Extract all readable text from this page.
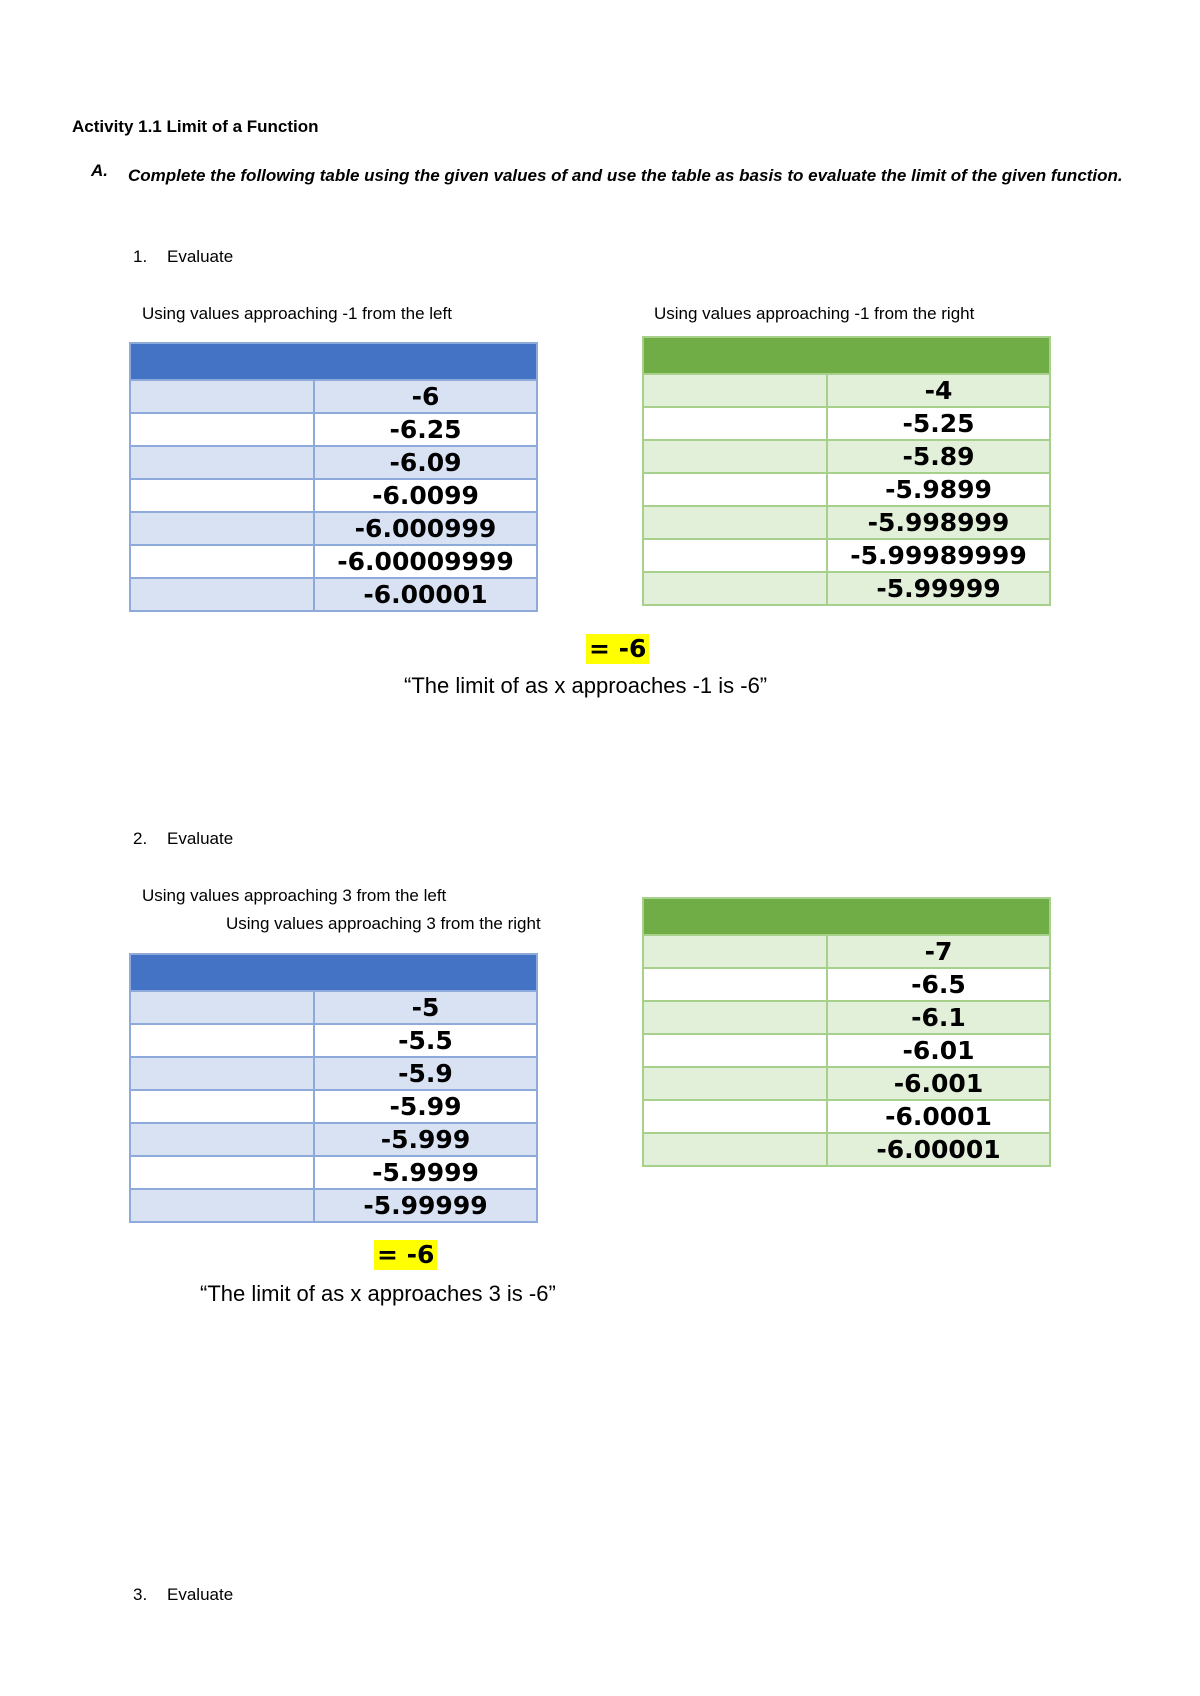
Activity 1.1 Limit of a Function
A. Complete the following table using the given values of and use the table as basis to evaluate the limit of the given function.
1. Evaluate
Using values approaching -1 from the left	Using values approaching -1 from the right

	-6
	-6.25
	-6.09
	-6.0099
	-6.000999
	-6.00009999
	-6.00001

	-4
	-5.25
	-5.89
	-5.9899
	-5.998999
	-5.99989999
	-5.99999
= -6
“The limit of as x approaches -1 is -6”
2. Evaluate
Using values approaching 3 from the left
Using values approaching 3 from the right

	-5
	-5.5
	-5.9
	-5.99
	-5.999
	-5.9999
	-5.99999

	-7
	-6.5
	-6.1
	-6.01
	-6.001
	-6.0001
	-6.00001
= -6
“The limit of as x approaches 3 is -6”
3. Evaluate
